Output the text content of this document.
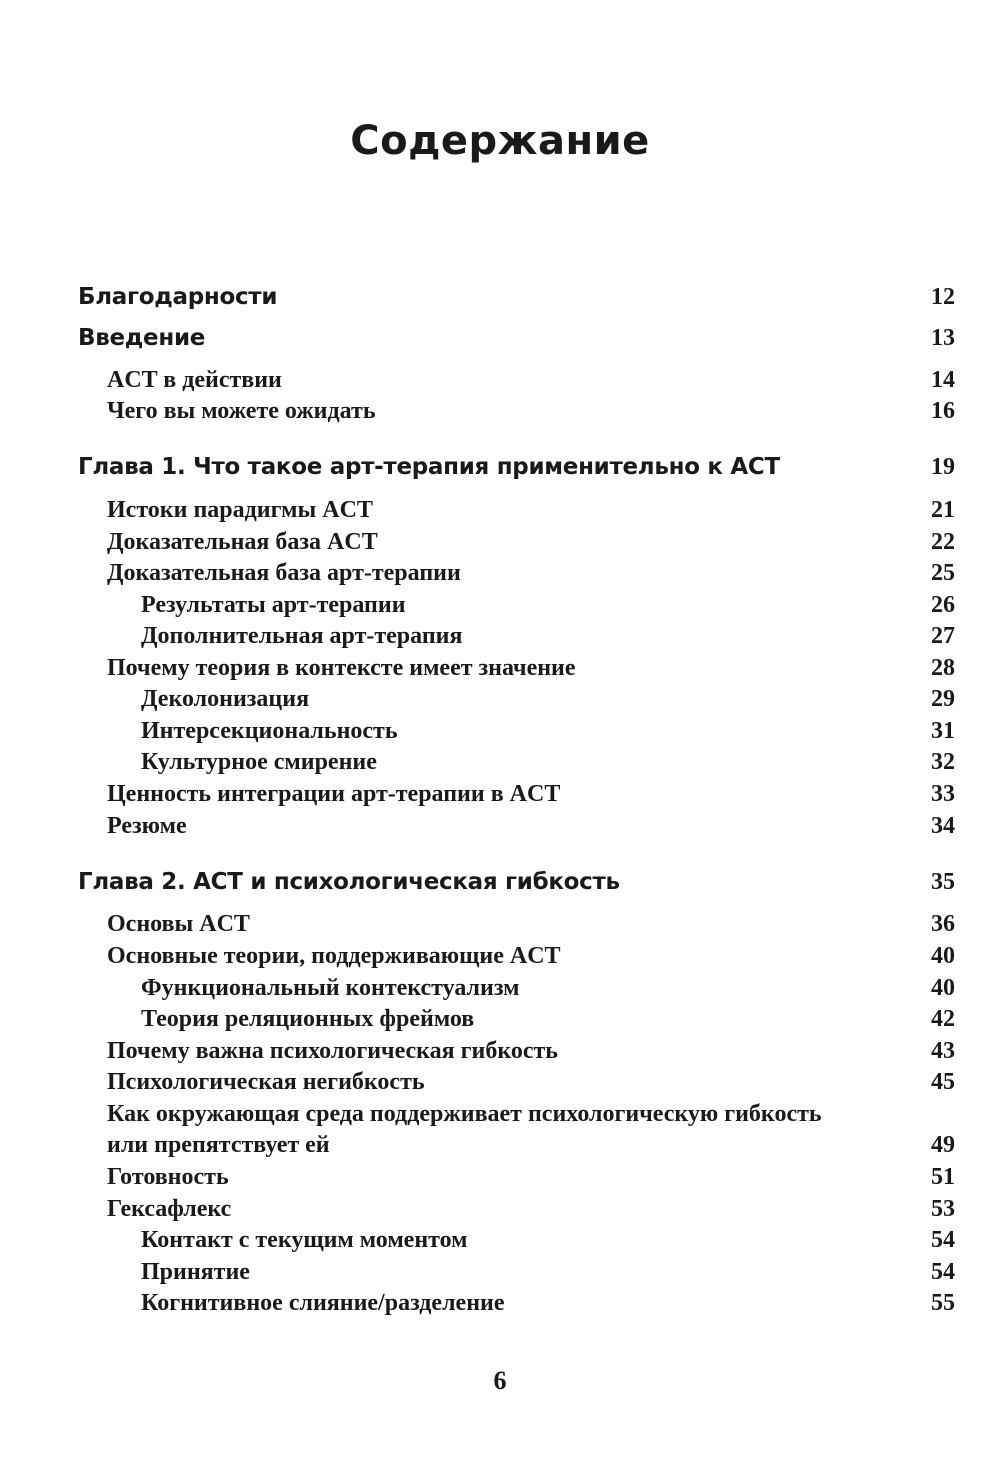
Содержание
Благодарности	12
Введение	13
ACT в действии	14
Чего вы можете ожидать	16
Глава 1. Что такое арт-терапия применительно к ACT	19
Истоки парадигмы ACT	21
Доказательная база ACT	22
Доказательная база арт-терапии	25
Результаты арт-терапии	26
Дополнительная арт-терапия	27
Почему теория в контексте имеет значение	28
Деколонизация	29
Интерсекциональность	31
Культурное смирение	32
Ценность интеграции арт-терапии в ACT	33
Резюме	34
Глава 2. ACT и психологическая гибкость	35
Основы ACT	36
Основные теории, поддерживающие ACT	40
Функциональный контекстуализм	40
Теория реляционных фреймов	42
Почему важна психологическая гибкость	43
Психологическая негибкость	45
Как окружающая среда поддерживает психологическую гибкость
или препятствует ей	49
Готовность	51
Гексафлекс	53
Контакт с текущим моментом	54
Принятие	54
Когнитивное слияние/разделение	55
6
